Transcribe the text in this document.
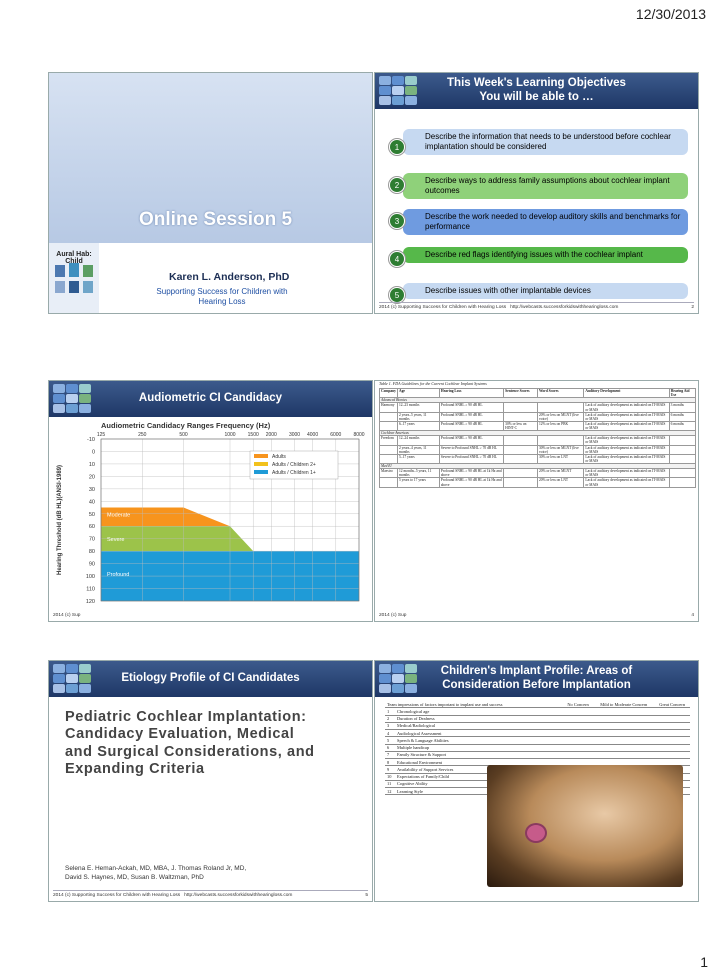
12/30/2013
Online Session 5
Aural Hab: Child
Karen L. Anderson, PhD
Supporting Success for Children with Hearing Loss
This Week's Learning Objectives
You will be able to …
Describe the information that needs to be understood before cochlear implantation should be considered
1
Describe ways to address family assumptions about cochlear implant outcomes
2
Describe the work needed to develop auditory skills and benchmarks for performance
3
Describe red flags identifying issues with the cochlear implant
4
Describe issues with other implantable devices
5
2014 (c) Supporting Success for Children with Hearing Loss http://webcasts.successforkidswithhearingloss.com	2
Audiometric CI Candidacy
Audiometric Candidacy Ranges Frequency (Hz)
-10
0
10
20
30
40
50
60
70
80
90
100
110
120
125	250	500	1000 1500 2000 3000 4000 6000 8000
Moderate
Severe
Profound
Hearing Threshold (dB HL)(ANSI-1989)
Adults
Adults / Children 2+
Adults / Children 1+
2014 (c) Sup
Table 1. FDA Guidelines for the Current Cochlear Implant Systems
Company	Age	Hearing Loss	Sentence Scores	Word Scores	Auditory Development	Hearing Aid Use
Advanced Bionics						
Harmony	12–23 months	Profound SNHL ≥ 90 dB HL			Lack of auditory development as indicated on IT-MAIS or MAIS	3 months
	2 years–5 years, 11 months	Profound SNHL ≥ 90 dB HL		20% or less on MLNT (live voice)	Lack of auditory development as indicated on IT-MAIS or MAIS	6 months
	6–17 years	Profound SNHL ≥ 90 dB HL	30% or less on HINT-C	12% or less on PBK	Lack of auditory development as indicated on IT-MAIS or MAIS	6 months
Cochlear Americas						
Freedom	12–24 months	Profound SNHL ≥ 90 dB HL			Lack of auditory development as indicated on IT-MAIS or MAIS	
	2 years–4 years, 11 months	Severe to Profound SNHL ≥ 70 dB HL		30% or less on MLNT (live voice)	Lack of auditory development as indicated on IT-MAIS or MAIS	
	5–17 years	Severe to Profound SNHL ≥ 70 dB HL		30% or less on LNT	Lack of auditory development as indicated on IT-MAIS or MAIS	
Med El						
Maestro	12 months–5 years, 11 months	Profound SNHL ≥ 90 dB HL at 1k Hz and above		20% or less on MLNT	Lack of auditory development as indicated on IT-MAIS or MAIS	
	5 years to 17 years	Profound SNHL ≥ 90 dB HL at 1k Hz and above		20% or less on LNT	Lack of auditory development as indicated on IT-MAIS or MAIS	
2014 (c) Sup	4
Etiology Profile of CI Candidates
Pediatric Cochlear Implantation: Candidacy Evaluation, Medical and Surgical Considerations, and Expanding Criteria
Selena E. Heman-Ackah, MD, MBA, J. Thomas Roland Jr, MD,
David S. Haynes, MD, Susan B. Waltzman, PhD
2014 (c) Supporting Success for Children with Hearing Loss http://webcasts.successforkidswithhearingloss.com	5
Children's Implant Profile: Areas of
Consideration Before Implantation
Team impressions of factors important to implant use and success		No Concern	Mild to Moderate Concern	Great Concern
1	Chronological age			
2	Duration of Deafness			
3	Medical/Radiological			
4	Audiological Assessment			
5	Speech & Language Abilities			
6	Multiple handicap			
7	Family Structure & Support			
8	Educational Environment			
9	Availability of Support Services			
10	Expectations of Family/Child			
11	Cognitive Ability			
12	Learning Style			
1
